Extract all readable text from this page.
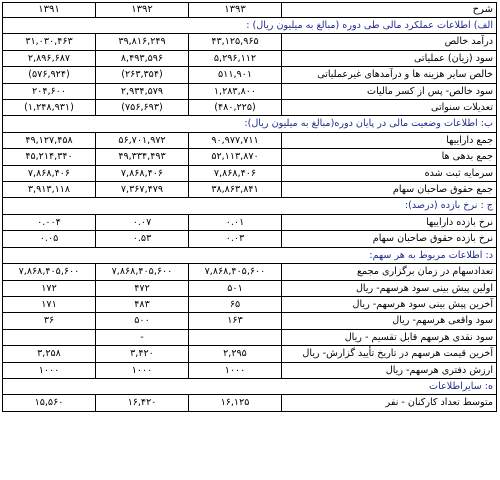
شرح	۱۳۹۳	۱۳۹۲	۱۳۹۱
الف) اطلاعات عملکرد مالی طی دوره (مبالغ به میلیون ریال) :			
درآمد خالص	۴۳,۱۲۵,۹۶۵	۳۹,۸۱۶,۲۴۹	۳۱,۰۳۰,۴۶۳
سود (زیان) عملیاتی	۵,۲۹۶,۱۱۲	۸,۴۹۳,۵۹۶	۲,۸۹۶,۶۸۷
خالص سایر هزینه ها و درآمدهای غیرعملیاتی	۵۱۱,۹۰۱	(۲۶۳,۳۵۴)	(۵۷۶,۹۲۴)
سود خالص- پس از کسر مالیات	۱,۲۸۳,۸۰۰	۲,۹۳۴,۵۷۹	۲۰۴,۶۰۰
تعدیلات سنواتی	(۴۸۰,۲۲۵)	(۷۵۶,۶۹۳)	(۱,۲۴۸,۹۳۱)
ب: اطلاعات وضعیت مالی در پایان دوره(مبالغ به میلیون ریال):			
جمع داراییها	۹۰,۹۷۷,۷۱۱	۵۶,۷۰۱,۹۷۲	۴۹,۱۲۷,۴۵۸
جمع بدهی ها	۵۲,۱۱۳,۸۷۰	۴۹,۳۳۴,۴۹۳	۴۵,۲۱۴,۳۴۰
سرمایه ثبت شده	۷,۸۶۸,۴۰۶	۷,۸۶۸,۴۰۶	۷,۸۶۸,۴۰۶
جمع حقوق صاحبان سهام	۳۸,۸۶۳,۸۴۱	۷,۳۶۷,۴۷۹	۳,۹۱۳,۱۱۸
ج : نرخ بازده (درصد):			
نرخ بازده داراییها	۰.۰۱	۰.۰۷	۰.۰۰۴
نرخ بازده حقوق صاحبان سهام	۰.۰۳	۰.۵۳	۰.۰۵
د: اطلاعات مربوط به هر سهم:			
تعدادسهام در زمان برگزاری مجمع	۷,۸۶۸,۴۰۵,۶۰۰	۷,۸۶۸,۴۰۵,۶۰۰	۷,۸۶۸,۴۰۵,۶۰۰
اولین پیش بینی سود هرسهم- ریال	۵۰۱	۴۷۲	۱۷۲
آخرین پیش بینی سود هرسهم- ریال	۶۵	۴۸۳	۱۷۱
سود واقعی هرسهم- ریال	۱۶۳	۵۰۰	۳۶
سود نقدی هرسهم قابل تقسیم - ریال		-	
آخرین قیمت هرسهم در تاریخ تأیید گزارش- ریال	۲,۲۹۵	۳,۴۲۰	۳,۲۵۸
ارزش دفتری هرسهم- ریال	۱۰۰۰	۱۰۰۰	۱۰۰۰
ه: سایراطلاعات			
متوسط تعداد کارکنان - نفر	۱۶,۱۲۵	۱۶,۴۲۰	۱۵,۵۶۰
